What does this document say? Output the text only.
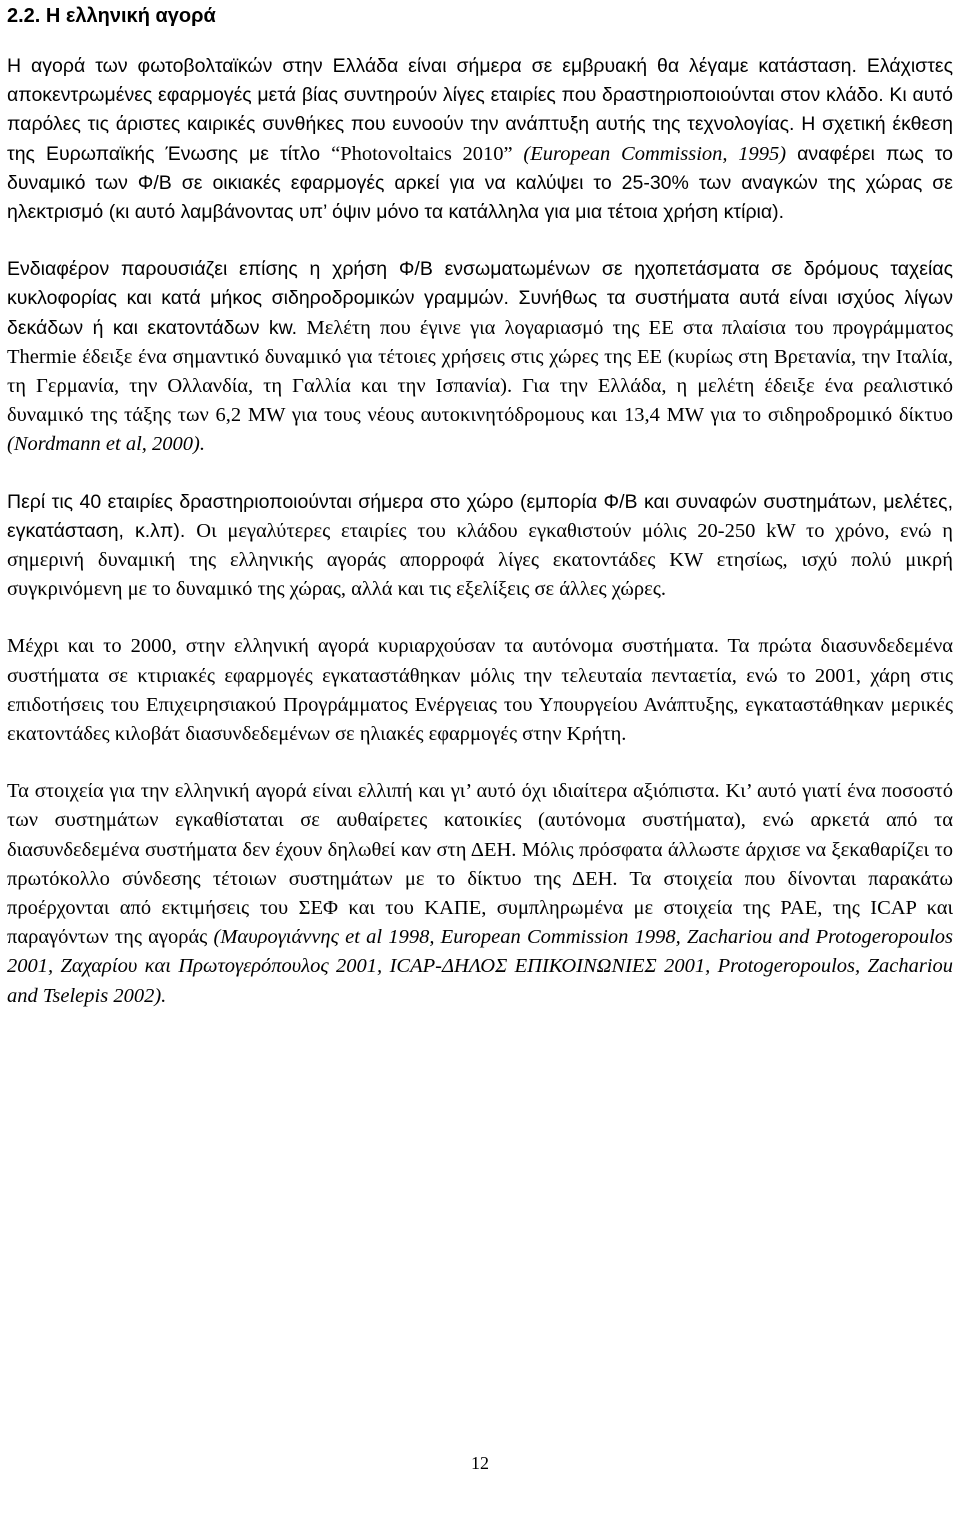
2.2. Η ελληνική αγορά

Η αγορά των φωτοβολταϊκών στην Ελλάδα είναι σήμερα σε εμβρυακή θα λέγαμε κατάσταση. Ελάχιστες αποκεντρωμένες εφαρμογές μετά βίας συντηρούν λίγες εταιρίες που δραστηριοποιούνται στον κλάδο. Κι αυτό παρόλες τις άριστες καιρικές συνθήκες που ευνοούν την ανάπτυξη αυτής της τεχνολογίας. Η σχετική έκθεση της Ευρωπαϊκής Ένωσης με τίτλο “Photovoltaics 2010” (European Commission, 1995) αναφέρει πως το δυναμικό των Φ/Β σε οικιακές εφαρμογές αρκεί για να καλύψει το 25-30% των αναγκών της χώρας σε ηλεκτρισμό (κι αυτό λαμβάνοντας υπ’ όψιν μόνο τα κατάλληλα για μια τέτοια χρήση κτίρια).

Ενδιαφέρον παρουσιάζει επίσης η χρήση Φ/Β ενσωματωμένων σε ηχοπετάσματα σε δρόμους ταχείας κυκλοφορίας και κατά μήκος σιδηροδρομικών γραμμών. Συνήθως τα συστήματα αυτά είναι ισχύος λίγων δεκάδων ή και εκατοντάδων kw. Μελέτη που έγινε για λογαριασμό της ΕΕ στα πλαίσια του προγράμματος Thermie έδειξε ένα σημαντικό δυναμικό για τέτοιες χρήσεις στις χώρες της ΕΕ (κυρίως στη Βρετανία, την Ιταλία, τη Γερμανία, την Ολλανδία, τη Γαλλία και την Ισπανία). Για την Ελλάδα, η μελέτη έδειξε ένα ρεαλιστικό δυναμικό της τάξης των 6,2 MW για τους νέους αυτοκινητόδρομους και 13,4 MW για το σιδηροδρομικό δίκτυο (Nordmann et al, 2000).

Περί τις 40 εταιρίες δραστηριοποιούνται σήμερα στο χώρο (εμπορία Φ/Β και συναφών συστημάτων, μελέτες, εγκατάσταση, κ.λπ). Οι μεγαλύτερες εταιρίες του κλάδου εγκαθιστούν μόλις 20-250 kW το χρόνο, ενώ η σημερινή δυναμική της ελληνικής αγοράς απορροφά λίγες εκατοντάδες KW ετησίως, ισχύ πολύ μικρή συγκρινόμενη με το δυναμικό της χώρας, αλλά και τις εξελίξεις σε άλλες χώρες.

Μέχρι και το 2000, στην ελληνική αγορά κυριαρχούσαν τα αυτόνομα συστήματα. Τα πρώτα διασυνδεδεμένα συστήματα σε κτιριακές εφαρμογές εγκαταστάθηκαν μόλις την τελευταία πενταετία, ενώ το 2001, χάρη στις επιδοτήσεις του Επιχειρησιακού Προγράμματος Ενέργειας του Υπουργείου Ανάπτυξης, εγκαταστάθηκαν μερικές εκατοντάδες κιλοβάτ διασυνδεδεμένων σε ηλιακές εφαρμογές στην Κρήτη.

Τα στοιχεία για την ελληνική αγορά είναι ελλιπή και γι’ αυτό όχι ιδιαίτερα αξιόπιστα. Κι’ αυτό γιατί ένα ποσοστό των συστημάτων εγκαθίσταται σε αυθαίρετες κατοικίες (αυτόνομα συστήματα), ενώ αρκετά από τα διασυνδεδεμένα συστήματα δεν έχουν δηλωθεί καν στη ΔΕΗ. Μόλις πρόσφατα άλλωστε άρχισε να ξεκαθαρίζει το πρωτόκολλο σύνδεσης τέτοιων συστημάτων με το δίκτυο της ΔΕΗ. Τα στοιχεία που δίνονται παρακάτω προέρχονται από εκτιμήσεις του ΣΕΦ και του ΚΑΠΕ, συμπληρωμένα με στοιχεία της ΡΑΕ, της ICAP και παραγόντων της αγοράς (Μαυρογιάννης et al 1998, European Commission 1998, Zachariou and Protogeropoulos 2001, Ζαχαρίου και Πρωτογερόπουλος 2001, ICAP-ΔΗΛΟΣ ΕΠΙΚΟΙΝΩΝΙΕΣ 2001, Protogeropoulos, Zachariou and Tselepis 2002).

12
